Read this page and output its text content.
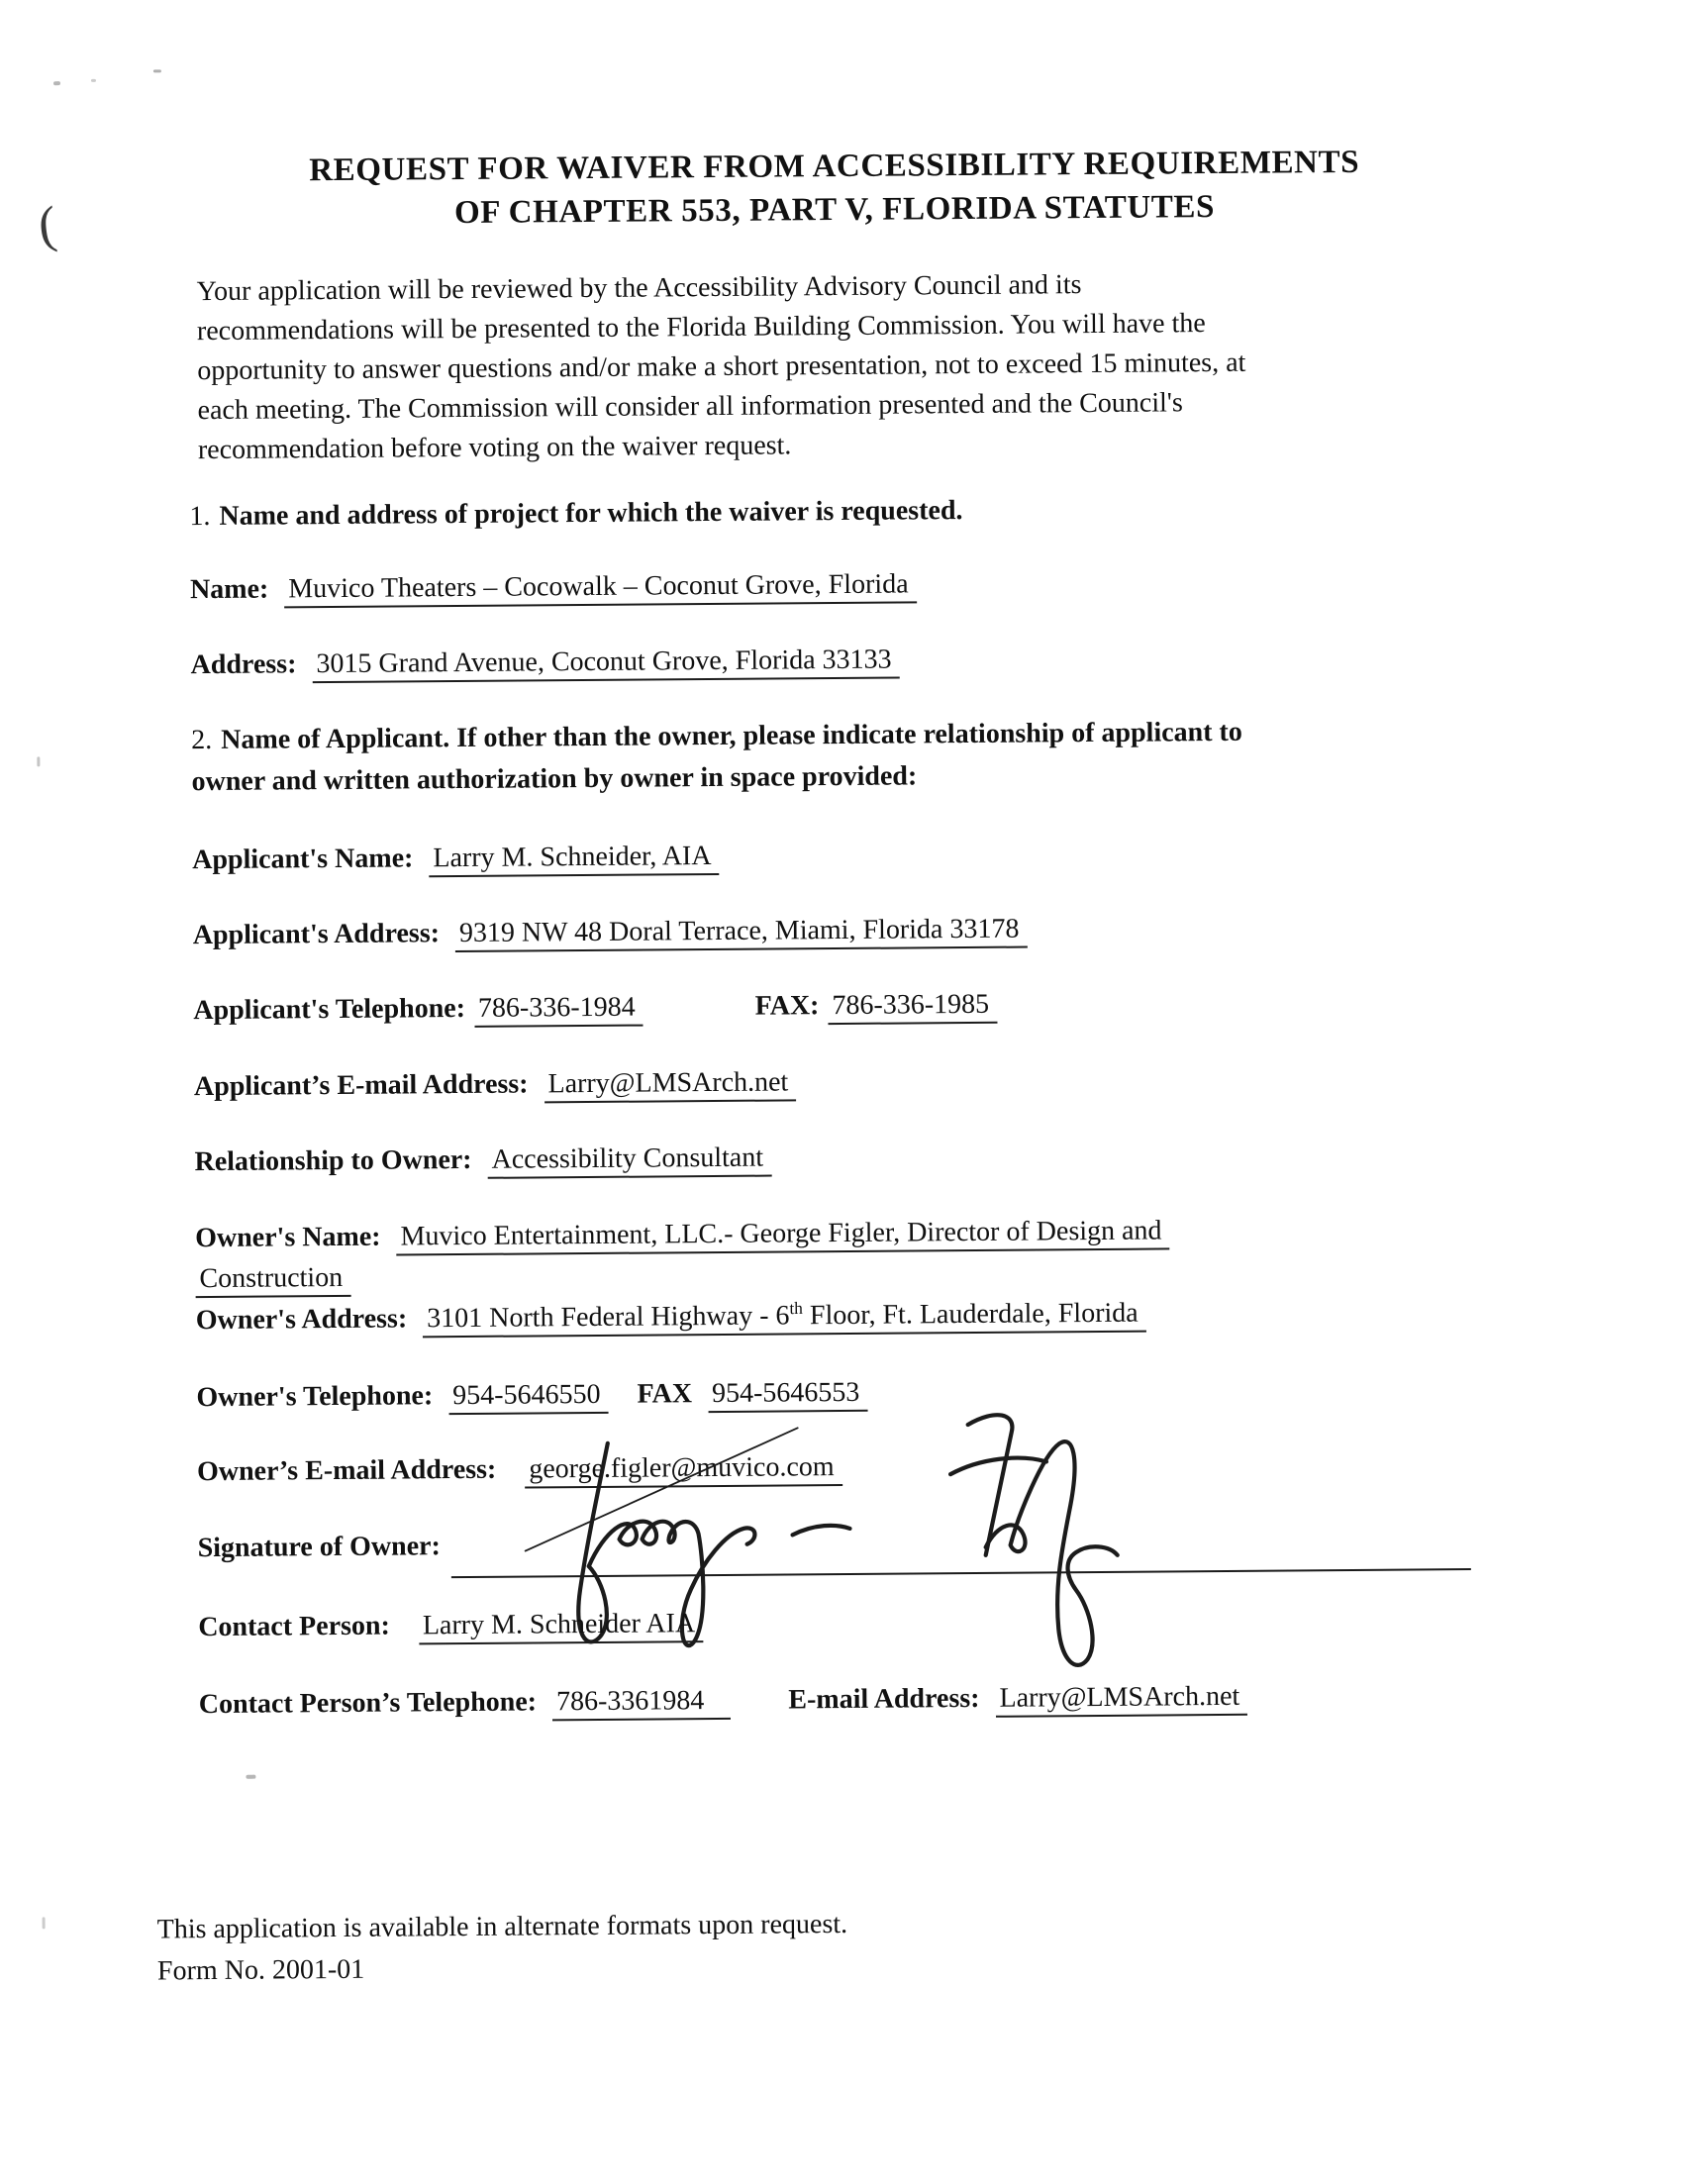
REQUEST FOR WAIVER FROM ACCESSIBILITY REQUIREMENTS
OF CHAPTER 553, PART V, FLORIDA STATUTES
Your application will be reviewed by the Accessibility Advisory Council and its
recommendations will be presented to the Florida Building Commission. You will have the
opportunity to answer questions and/or make a short presentation, not to exceed 15 minutes, at
each meeting. The Commission will consider all information presented and the Council's
recommendation before voting on the waiver request.
1. Name and address of project for which the waiver is requested.
Name: Muvico Theaters – Cocowalk – Coconut Grove, Florida
Address: 3015 Grand Avenue, Coconut Grove, Florida 33133
2. Name of Applicant. If other than the owner, please indicate relationship of applicant to
owner and written authorization by owner in space provided:
Applicant's Name: Larry M. Schneider, AIA
Applicant's Address: 9319 NW 48 Doral Terrace, Miami, Florida 33178
Applicant's Telephone: 786-336-1984	FAX: 786-336-1985
Applicant’s E-mail Address: Larry@LMSArch.net
Relationship to Owner: Accessibility Consultant
Owner's Name: Muvico Entertainment, LLC.- George Figler, Director of Design and
Construction
Owner's Address: 3101 North Federal Highway - 6th Floor, Ft. Lauderdale, Florida
Owner's Telephone: 954-5646550 FAX 954-5646553
Owner’s E-mail Address: george.figler@muvico.com
Signature of Owner:
Contact Person: Larry M. Schneider AIA
Contact Person’s Telephone: 786-3361984	E-mail Address: Larry@LMSArch.net
This application is available in alternate formats upon request.
Form No. 2001-01
(
